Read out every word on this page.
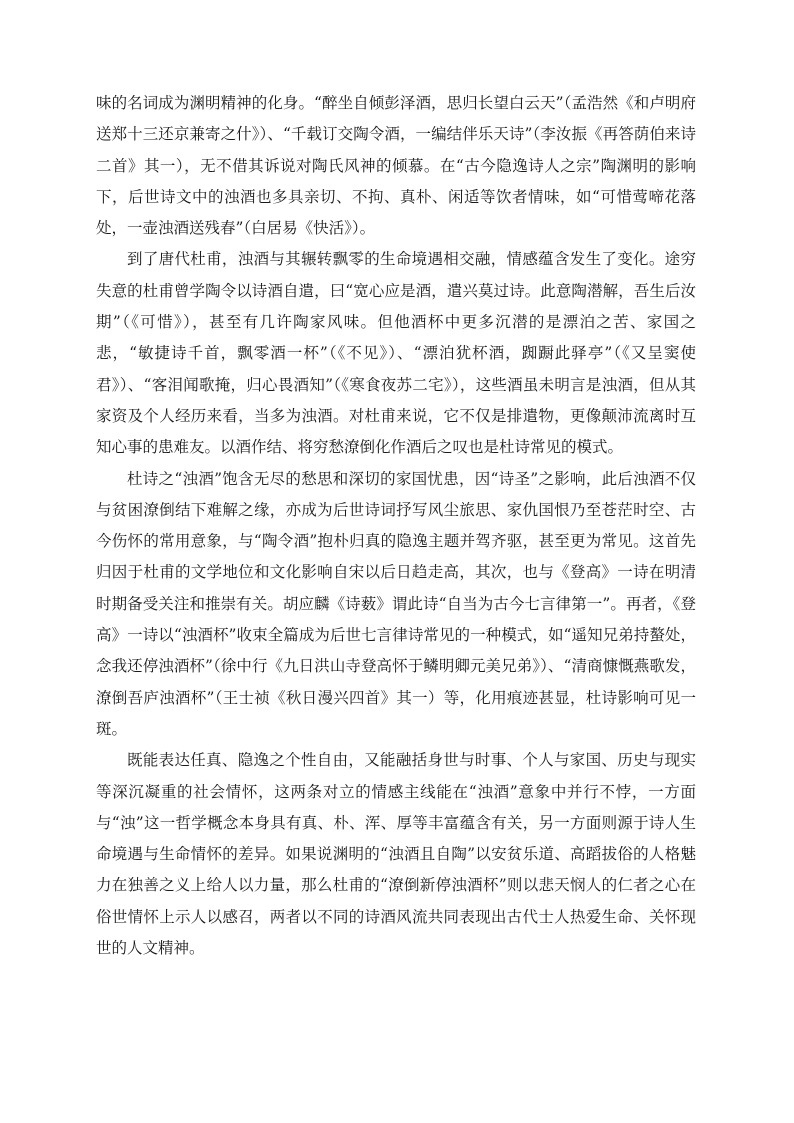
味的名词成为渊明精神的化身。“醉坐自倾彭泽酒，思归长望白云天”（孟浩然《和卢明府送郑十三还京兼寄之什》）、“千载订交陶令酒，一编结伴乐天诗”（李汝振《再答荫伯来诗二首》其一），无不借其诉说对陶氏风神的倾慕。在“古今隐逸诗人之宗”陶渊明的影响下，后世诗文中的浊酒也多具亲切、不拘、真朴、闲适等饮者情味，如“可惜莺啼花落处，一壶浊酒送残春”（白居易《快活》）。

到了唐代杜甫，浊酒与其辗转飘零的生命境遇相交融，情感蕴含发生了变化。途穷失意的杜甫曾学陶令以诗酒自遣，曰“宽心应是酒，遣兴莫过诗。此意陶潜解，吾生后汝期”（《可惜》），甚至有几许陶家风味。但他酒杯中更多沉潜的是漂泊之苦、家国之悲，“敏捷诗千首，飘零酒一杯”（《不见》）、“漂泊犹杯酒，踟蹰此驿亭”（《又呈窦使君》）、“客泪闻歌掩，归心畏酒知”（《寒食夜苏二宅》），这些酒虽未明言是浊酒，但从其家资及个人经历来看，当多为浊酒。对杜甫来说，它不仅是排遣物，更像颠沛流离时互知心事的患难友。以酒作结、将穷愁潦倒化作酒后之叹也是杜诗常见的模式。

杜诗之“浊酒”饱含无尽的愁思和深切的家国忧患，因“诗圣”之影响，此后浊酒不仅与贫困潦倒结下难解之缘，亦成为后世诗词抒写风尘旅思、家仇国恨乃至苍茫时空、古今伤怀的常用意象，与“陶令酒”抱朴归真的隐逸主题并驾齐驱，甚至更为常见。这首先归因于杜甫的文学地位和文化影响自宋以后日趋走高，其次，也与《登高》一诗在明清时期备受关注和推崇有关。胡应麟《诗薮》谓此诗“自当为古今七言律第一”。再者，《登高》一诗以“浊酒杯”收束全篇成为后世七言律诗常见的一种模式，如“遥知兄弟持螯处，念我还停浊酒杯”（徐中行《九日洪山寺登高怀于鳞明卿元美兄弟》）、“清商慷慨燕歌发，潦倒吾庐浊酒杯”（王士祯《秋日漫兴四首》其一）等，化用痕迹甚显，杜诗影响可见一斑。

既能表达任真、隐逸之个性自由，又能融括身世与时事、个人与家国、历史与现实等深沉凝重的社会情怀，这两条对立的情感主线能在“浊酒”意象中并行不悖，一方面与“浊”这一哲学概念本身具有真、朴、浑、厚等丰富蕴含有关，另一方面则源于诗人生命境遇与生命情怀的差异。如果说渊明的“浊酒且自陶”以安贫乐道、高蹈拔俗的人格魅力在独善之义上给人以力量，那么杜甫的“潦倒新停浊酒杯”则以悲天悯人的仁者之心在俗世情怀上示人以感召，两者以不同的诗酒风流共同表现出古代士人热爱生命、关怀现世的人文精神。
